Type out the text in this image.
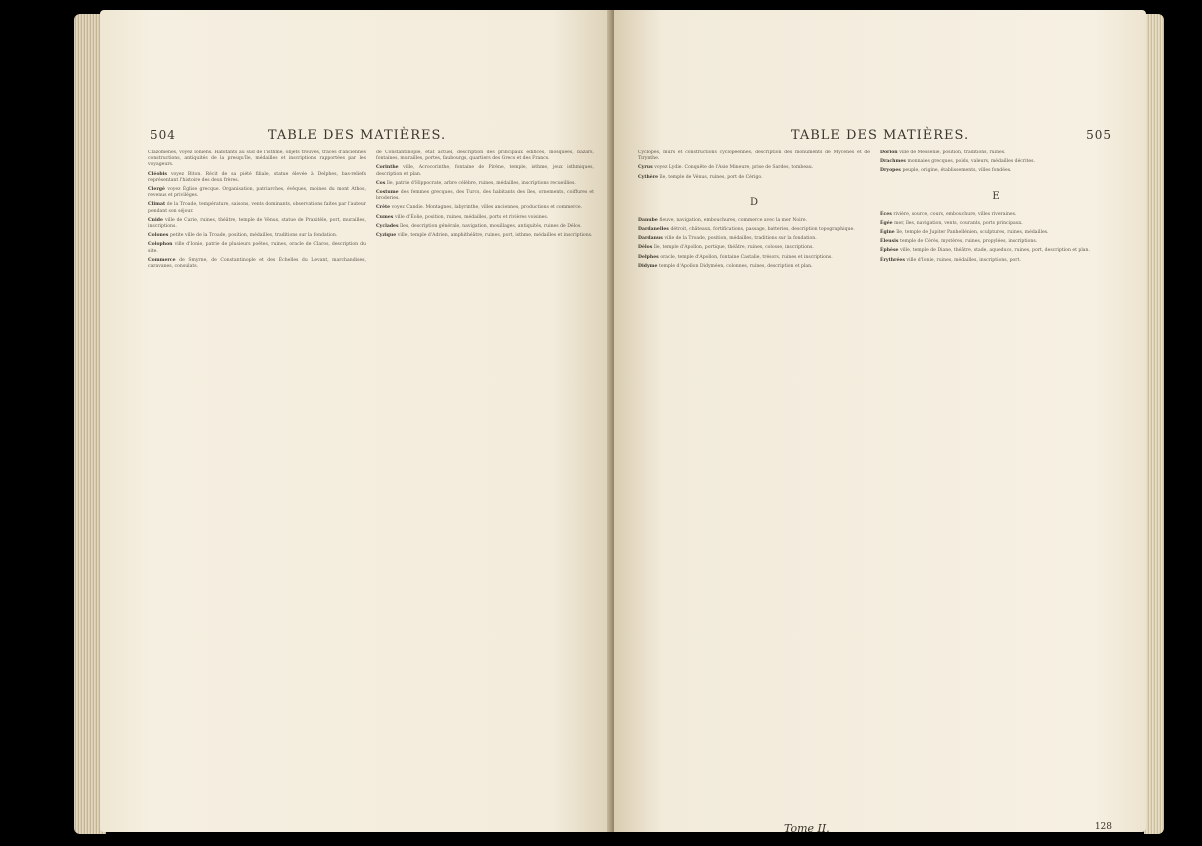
504	TABLE DES MATIÈRES.

Clazomènes, voyez Ioniens. Habitants au sud de l'isthme, objets trouvés, traces d'anciennes constructions, antiquités de la presqu'île, médailles et inscriptions rapportées par les voyageurs.

Cléobis voyez Biton. Récit de sa piété filiale, statue élevée à Delphes, bas-reliefs représentant l'histoire des deux frères.

Clergé voyez Église grecque. Organisation, patriarches, évêques, moines du mont Athos, revenus et priviléges.

Climat de la Troade, température, saisons, vents dominants, observations faites par l'auteur pendant son séjour.

Cnide ville de Carie, ruines, théâtre, temple de Vénus, statue de Praxitèle, port, murailles, inscriptions.

Colones petite ville de la Troade, position, médailles, traditions sur la fondation.

Colophon ville d'Ionie, patrie de plusieurs poëtes, ruines, oracle de Claros, description du site.

Commerce de Smyrne, de Constantinople et des Échelles du Levant, marchandises, caravanes, consulats.

de Constantinople, état actuel, description des principaux édifices, mosquées, bazars, fontaines, murailles, portes, faubourgs, quartiers des Grecs et des Francs.

Corinthe ville, Acrocorinthe, fontaine de Pirène, temple, isthme, jeux isthmiques, description et plan.

Cos île, patrie d'Hippocrate, arbre célèbre, ruines, médailles, inscriptions recueillies.

Costume des femmes grecques, des Turcs, des habitants des îles, ornements, coiffures et broderies.

Crète voyez Candie. Montagnes, labyrinthe, villes anciennes, productions et commerce.

Cumes ville d'Éolie, position, ruines, médailles, ports et rivières voisines.

Cyclades îles, description générale, navigation, mouillages, antiquités, ruines de Délos.

Cyzique ville, temple d'Adrien, amphithéâtre, ruines, port, isthme, médailles et inscriptions.

TABLE DES MATIÈRES.	505

Cyclopes, murs et constructions cyclopéennes, description des monuments de Mycènes et de Tirynthe.

Cyrus voyez Lydie. Conquête de l'Asie Mineure, prise de Sardes, tombeau.

Cythère île, temple de Vénus, ruines, port de Cérigo.

D

Danube fleuve, navigation, embouchures, commerce avec la mer Noire.

Dardanelles détroit, châteaux, fortifications, passage, batteries, description topographique.

Dardanus ville de la Troade, position, médailles, traditions sur la fondation.

Délos île, temple d'Apollon, portique, théâtre, ruines, colosse, inscriptions.

Delphes oracle, temple d'Apollon, fontaine Castalie, trésors, ruines et inscriptions.

Didyme temple d'Apollon Didyméen, colonnes, ruines, description et plan.

Dorion ville de Messénie, position, traditions, ruines.

Drachmes monnaies grecques, poids, valeurs, médailles décrites.

Dryopes peuple, origine, établissements, villes fondées.

E

Éces rivière, source, cours, embouchure, villes riveraines.

Égée mer, îles, navigation, vents, courants, ports principaux.

Égine île, temple de Jupiter Panhellénien, sculptures, ruines, médailles.

Éleusis temple de Cérès, mystères, ruines, propylées, inscriptions.

Éphèse ville, temple de Diane, théâtre, stade, aqueducs, ruines, port, description et plan.

Érythrées ville d'Ionie, ruines, médailles, inscriptions, port.

Tome II.	128
